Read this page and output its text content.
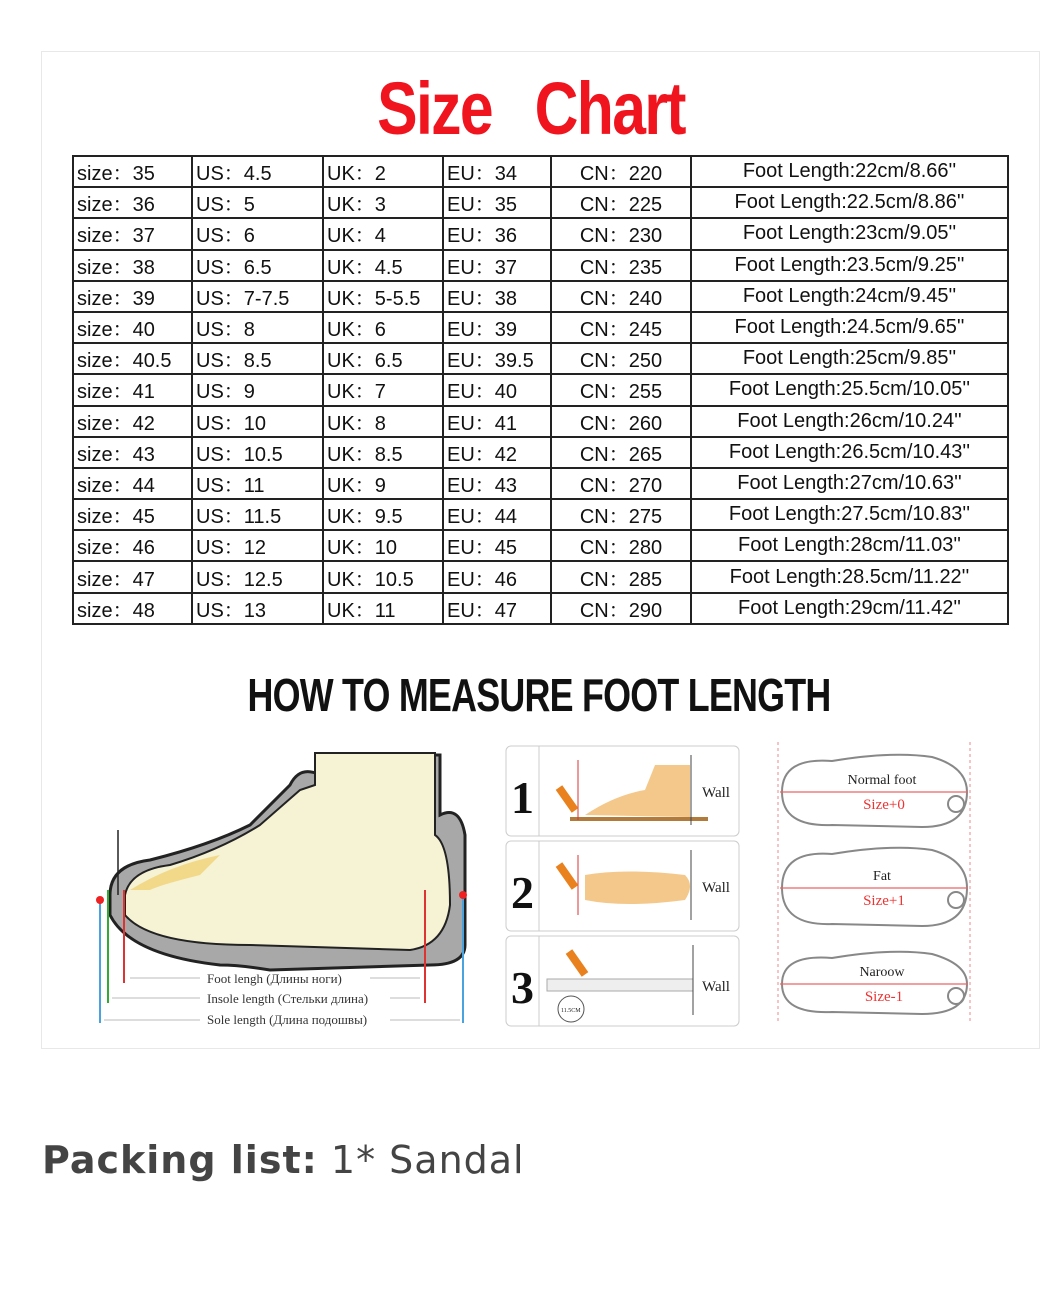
Size Chart
size：35	US：4.5	UK：2	EU：34	CN：220	Foot Length:22cm/8.66''
size：36	US：5	UK：3	EU：35	CN：225	Foot Length:22.5cm/8.86''
size：37	US：6	UK：4	EU：36	CN：230	Foot Length:23cm/9.05''
size：38	US：6.5	UK：4.5	EU：37	CN：235	Foot Length:23.5cm/9.25''
size：39	US：7-7.5	UK：5-5.5	EU：38	CN：240	Foot Length:24cm/9.45''
size：40	US：8	UK：6	EU：39	CN：245	Foot Length:24.5cm/9.65''
size：40.5	US：8.5	UK：6.5	EU：39.5	CN：250	Foot Length:25cm/9.85''
size：41	US：9	UK：7	EU：40	CN：255	Foot Length:25.5cm/10.05''
size：42	US：10	UK：8	EU：41	CN：260	Foot Length:26cm/10.24''
size：43	US：10.5	UK：8.5	EU：42	CN：265	Foot Length:26.5cm/10.43''
size：44	US：11	UK：9	EU：43	CN：270	Foot Length:27cm/10.63''
size：45	US：11.5	UK：9.5	EU：44	CN：275	Foot Length:27.5cm/10.83''
size：46	US：12	UK：10	EU：45	CN：280	Foot Length:28cm/11.03''
size：47	US：12.5	UK：10.5	EU：46	CN：285	Foot Length:28.5cm/11.22''
size：48	US：13	UK：11	EU：47	CN：290	Foot Length:29cm/11.42''
HOW TO MEASURE FOOT LENGTH
Foot lengh (Длины ноги)
Insole length (Стельки длина)
Sole length (Длина подошвы)
1	Wall
2	Wall
3	11.5CM
Wall
Normal foot
Size+0
Fat
Size+1
Naroow
Size-1
Packing list: 1* Sandal
